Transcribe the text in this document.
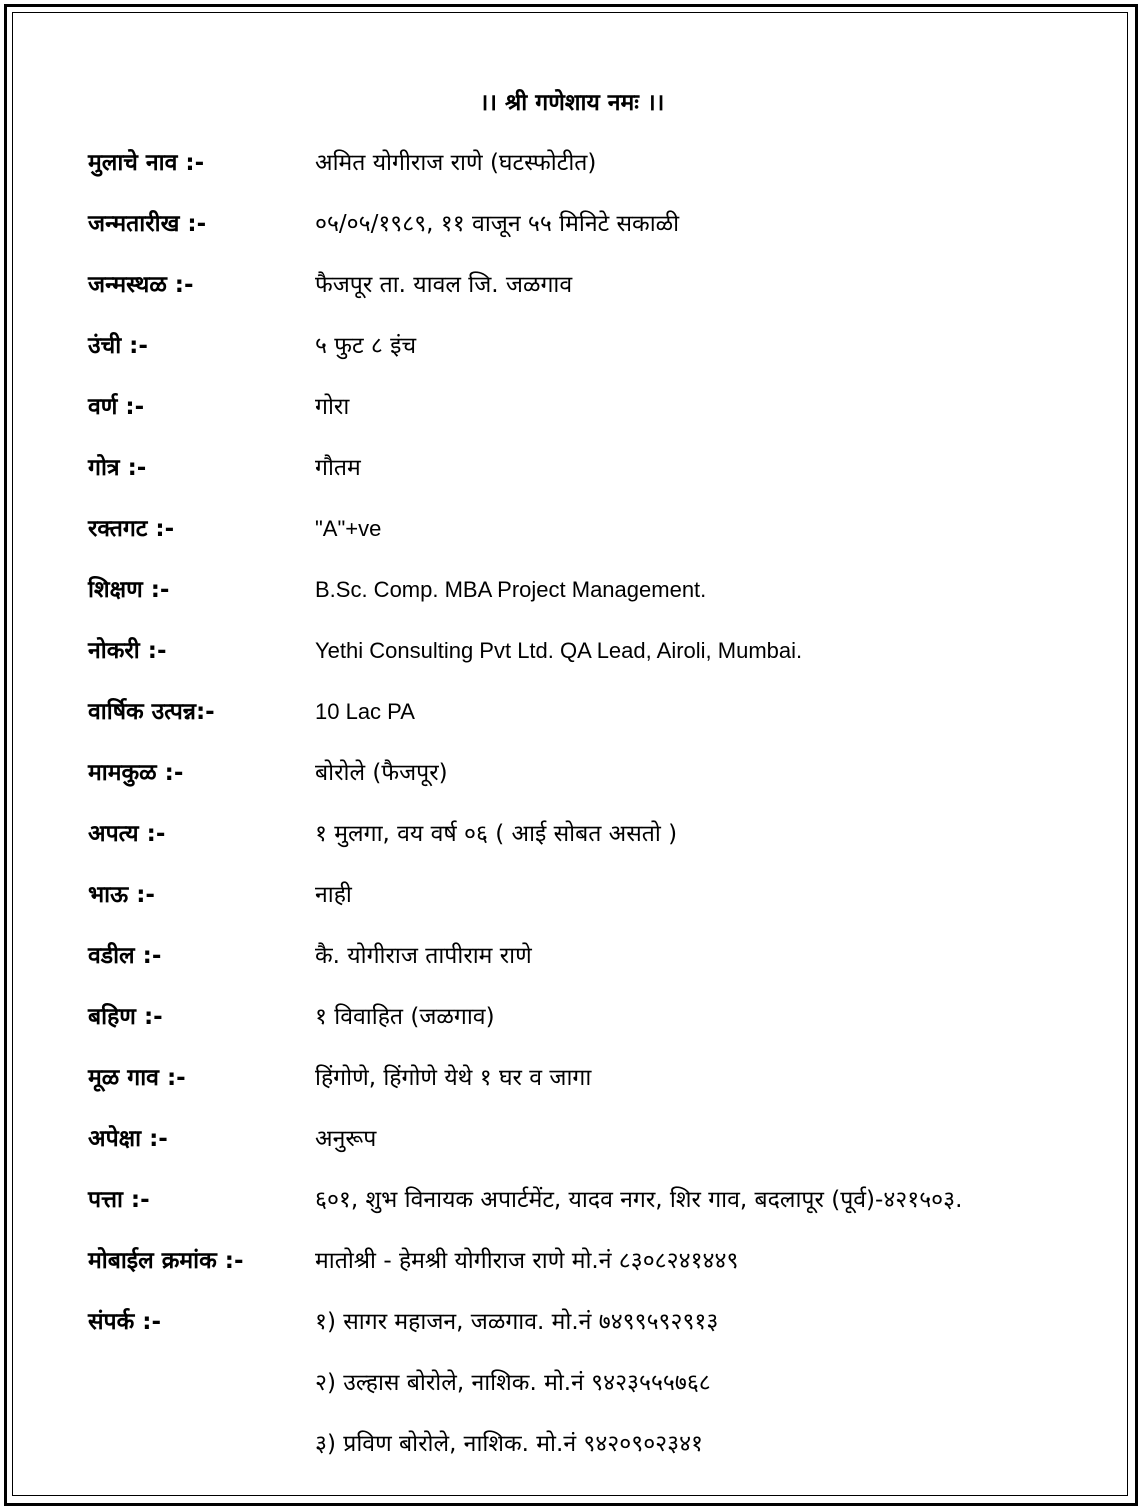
।। श्री गणेशाय नमः ।।
मुलाचे नाव :-	अमित योगीराज राणे (घटस्फोटीत)
जन्मतारीख :-	०५/०५/१९८९, ११ वाजून ५५ मिनिटे सकाळी
जन्मस्थळ :-	फैजपूर ता. यावल जि. जळगाव
उंची :-	५ फुट ८ इंच
वर्ण :-	गोरा
गोत्र :-	गौतम
रक्तगट :-	"A"+ve
शिक्षण :-	B.Sc. Comp. MBA Project Management.
नोकरी :-	Yethi Consulting Pvt Ltd. QA Lead, Airoli, Mumbai.
वार्षिक उत्पन्न:-	10 Lac PA
मामकुळ :-	बोरोले (फैजपूर)
अपत्य :-	१ मुलगा, वय वर्ष ०६ ( आई सोबत असतो )
भाऊ :-	नाही
वडील :-	कै. योगीराज तापीराम राणे
बहिण :-	१ विवाहित (जळगाव)
मूळ गाव :-	हिंगोणे, हिंगोणे येथे १ घर व जागा
अपेक्षा :-	अनुरूप
पत्ता :-	६०१, शुभ विनायक अपार्टमेंट, यादव नगर, शिर गाव, बदलापूर (पूर्व)-४२१५०३.
मोबाईल क्रमांक :-	मातोश्री - हेमश्री योगीराज राणे मो.नं ८३०८२४१४४९
संपर्क :-	१) सागर महाजन, जळगाव. मो.नं ७४९९५९२९१३
२) उल्हास बोरोले, नाशिक. मो.नं ९४२३५५५७६८
३) प्रविण बोरोले, नाशिक. मो.नं ९४२०९०२३४१
